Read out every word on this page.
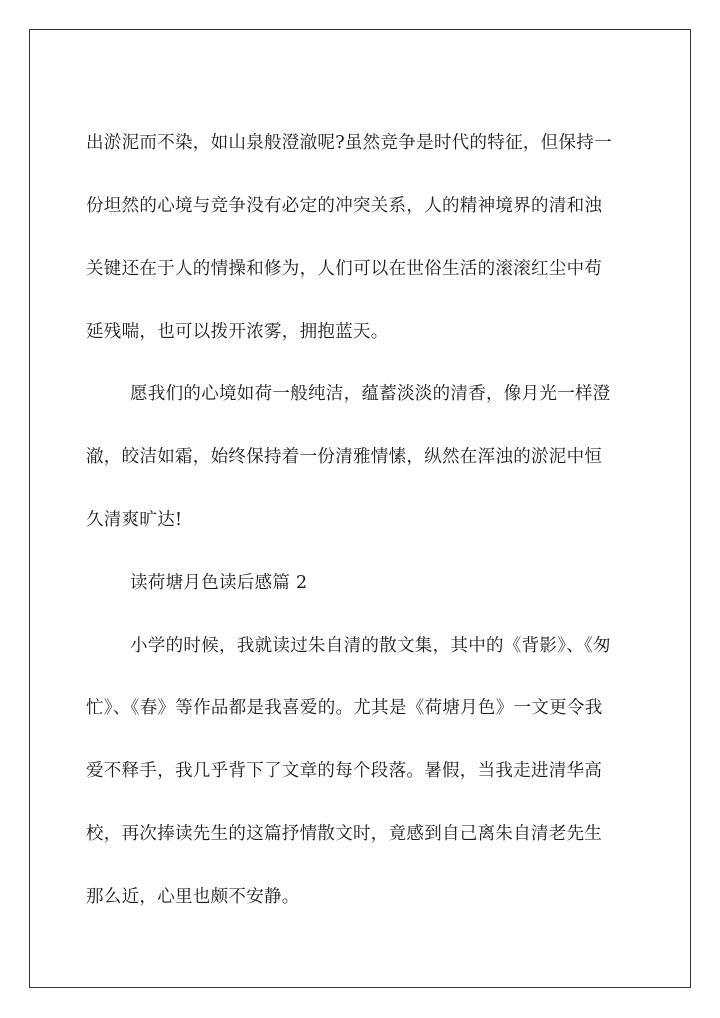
出淤泥而不染，如山泉般澄澈呢?虽然竞争是时代的特征，但保持一
份坦然的心境与竞争没有必定的冲突关系，人的精神境界的清和浊
关键还在于人的情操和修为，人们可以在世俗生活的滚滚红尘中苟
延残喘，也可以拨开浓雾，拥抱蓝天。
愿我们的心境如荷一般纯洁，蕴蓄淡淡的清香，像月光一样澄
澈，皎洁如霜，始终保持着一份清雅情愫，纵然在浑浊的淤泥中恒
久清爽旷达!
读荷塘月色读后感篇 2
小学的时候，我就读过朱自清的散文集，其中的《背影》、《匆
忙》、《春》等作品都是我喜爱的。尤其是《荷塘月色》一文更令我
爱不释手，我几乎背下了文章的每个段落。暑假，当我走进清华高
校，再次捧读先生的这篇抒情散文时，竟感到自己离朱自清老先生
那么近，心里也颇不安静。
